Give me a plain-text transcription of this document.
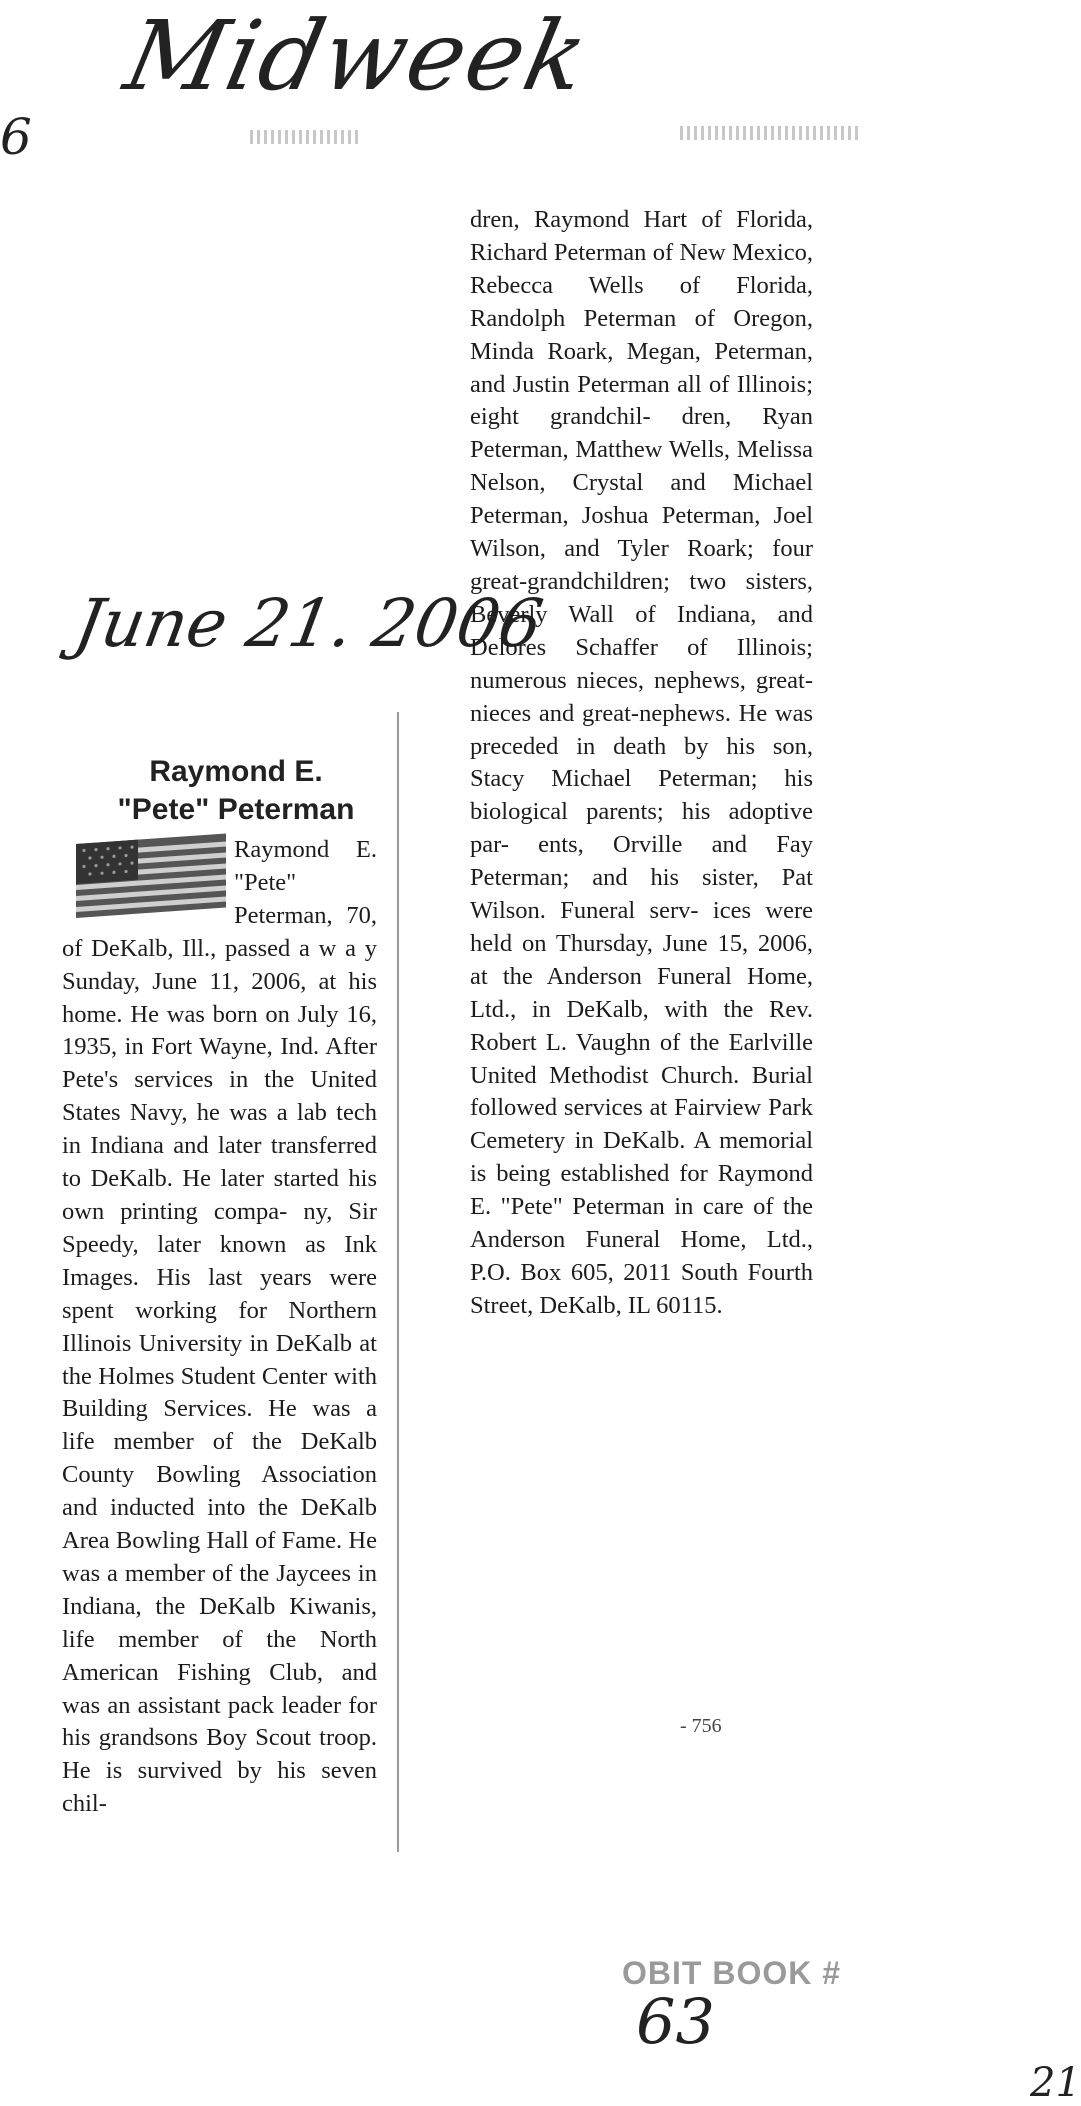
Midweek
6
June 21. 2006
Raymond E.
"Pete" Peterman

Raymond E. "Pete" Peterman, 70, of DeKalb, Ill., passed a w a y Sunday, June 11, 2006, at his home. He was born on July 16, 1935, in Fort Wayne, Ind. After Pete's services in the United States Navy, he was a lab tech in Indiana and later transferred to DeKalb. He later started his own printing compa- ny, Sir Speedy, later known as Ink Images. His last years were spent working for Northern Illinois University in DeKalb at the Holmes Student Center with Building Services. He was a life member of the DeKalb County Bowling Association and inducted into the DeKalb Area Bowling Hall of Fame. He was a member of the Jaycees in Indiana, the DeKalb Kiwanis, life member of the North American Fishing Club, and was an assistant pack leader for his grandsons Boy Scout troop. He is survived by his seven chil-

dren, Raymond Hart of Florida, Richard Peterman of New Mexico, Rebecca Wells of Florida, Randolph Peterman of Oregon, Minda Roark, Megan, Peterman, and Justin Peterman all of Illinois; eight grandchil- dren, Ryan Peterman, Matthew Wells, Melissa Nelson, Crystal and Michael Peterman, Joshua Peterman, Joel Wilson, and Tyler Roark; four great-grandchildren; two sisters, Beverly Wall of Indiana, and Delores Schaffer of Illinois; numerous nieces, nephews, great-nieces and great-nephews. He was preceded in death by his son, Stacy Michael Peterman; his biological parents; his adoptive par- ents, Orville and Fay Peterman; and his sister, Pat Wilson. Funeral serv- ices were held on Thursday, June 15, 2006, at the Anderson Funeral Home, Ltd., in DeKalb, with the Rev. Robert L. Vaughn of the Earlville United Methodist Church. Burial followed services at Fairview Park Cemetery in DeKalb. A memorial is being established for Raymond E. "Pete" Peterman in care of the Anderson Funeral Home, Ltd., P.O. Box 605, 2011 South Fourth Street, DeKalb, IL 60115.

- 756
OBIT BOOK #
63
21
